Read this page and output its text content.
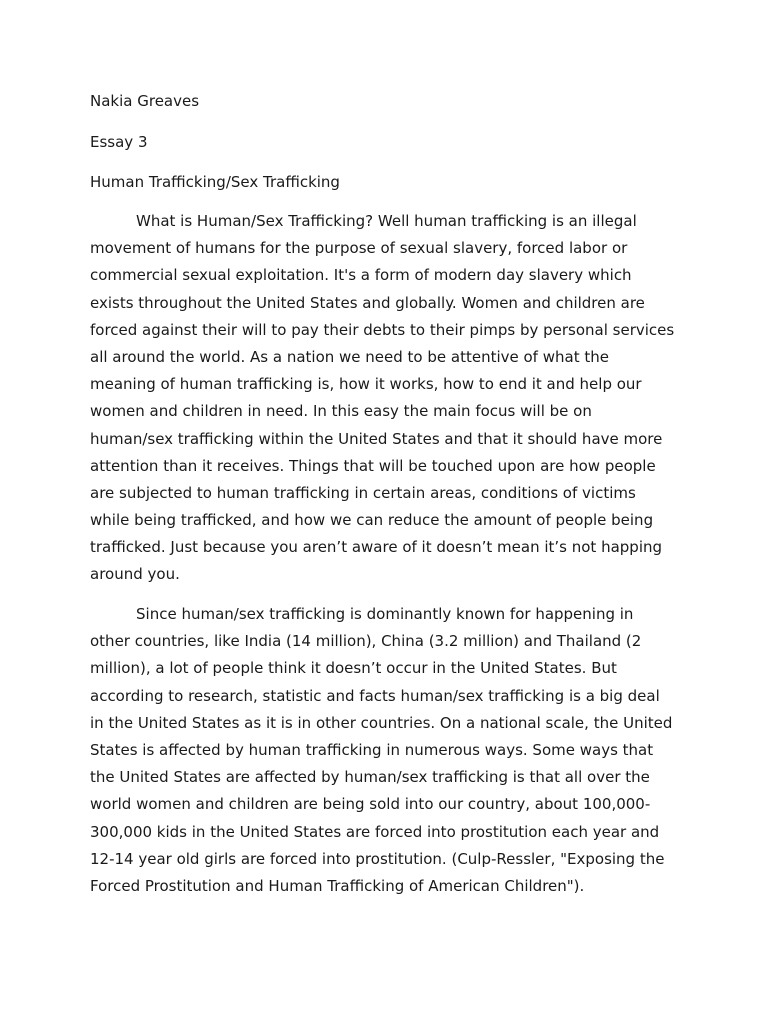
Nakia Greaves

Essay 3

Human Trafficking/Sex Trafficking

What is Human/Sex Trafficking? Well human trafficking is an illegal
movement of humans for the purpose of sexual slavery, forced labor or
commercial sexual exploitation. It's a form of modern day slavery which
exists throughout the United States and globally. Women and children are
forced against their will to pay their debts to their pimps by personal services
all around the world. As a nation we need to be attentive of what the
meaning of human trafficking is, how it works, how to end it and help our
women and children in need. In this easy the main focus will be on
human/sex trafficking within the United States and that it should have more
attention than it receives. Things that will be touched upon are how people
are subjected to human trafficking in certain areas, conditions of victims
while being trafficked, and how we can reduce the amount of people being
trafficked. Just because you aren’t aware of it doesn’t mean it’s not happing
around you.
Since human/sex trafficking is dominantly known for happening in
other countries, like India (14 million), China (3.2 million) and Thailand (2
million), a lot of people think it doesn’t occur in the United States. But
according to research, statistic and facts human/sex trafficking is a big deal
in the United States as it is in other countries. On a national scale, the United
States is affected by human trafficking in numerous ways. Some ways that
the United States are affected by human/sex trafficking is that all over the
world women and children are being sold into our country, about 100,000-
300,000 kids in the United States are forced into prostitution each year and
12-14 year old girls are forced into prostitution. (Culp-Ressler, "Exposing the
Forced Prostitution and Human Trafficking of American Children").
